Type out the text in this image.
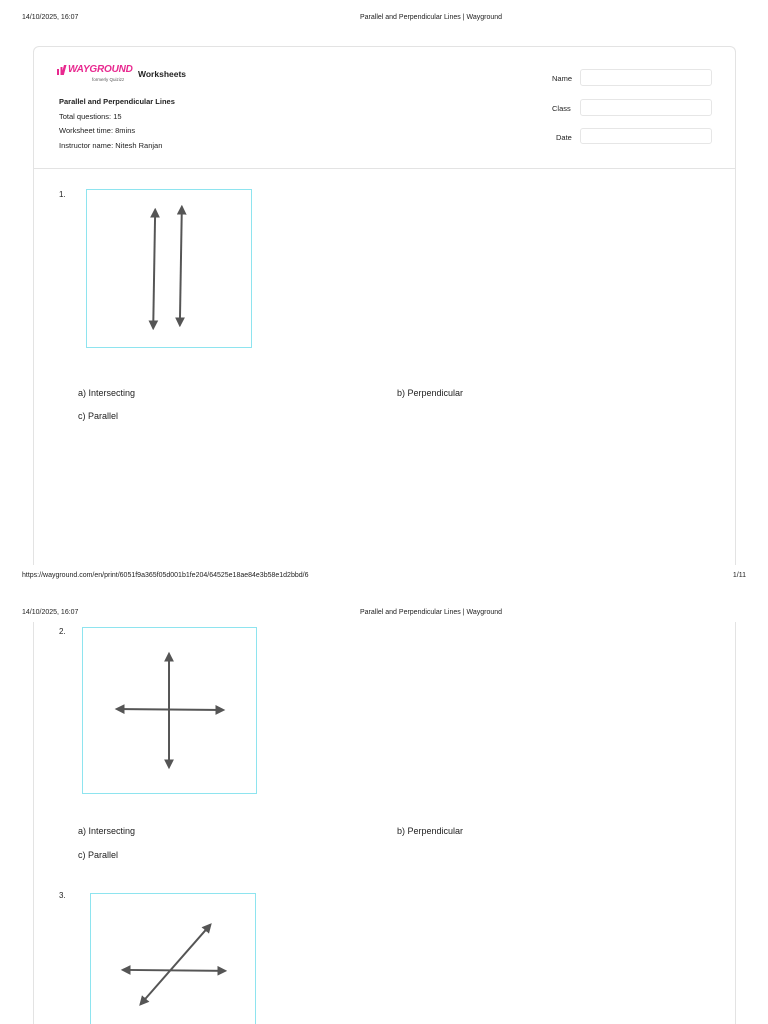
14/10/2025, 16:07	Parallel and Perpendicular Lines | Wayground
WAYGROUND
formerly Quizizz
Worksheets
Parallel and Perpendicular Lines
Total questions: 15
Worksheet time: 8mins
Instructor name: Nitesh Ranjan
Name
Class
Date
1.
a) Intersecting	b) Perpendicular
c) Parallel
https://wayground.com/en/print/6051f9a365f05d001b1fe204/64525e18ae84e3b58e1d2bbd/6	1/11
14/10/2025, 16:07	Parallel and Perpendicular Lines | Wayground
2.
a) Intersecting	b) Perpendicular
c) Parallel
3.
